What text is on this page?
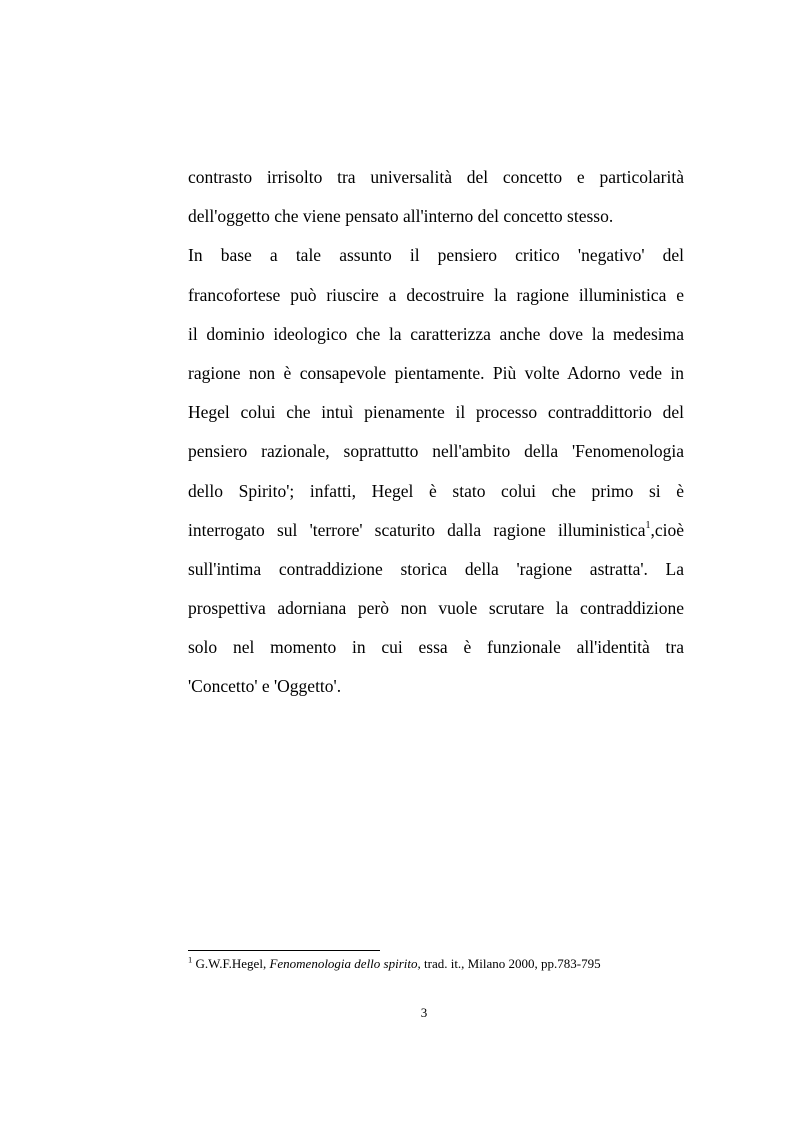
contrasto irrisolto tra universalità del concetto e particolarità
dell'oggetto che viene pensato all'interno del concetto stesso.
In base a tale assunto il pensiero critico 'negativo' del
francofortese può riuscire a decostruire la ragione illuministica e
il dominio ideologico che la caratterizza anche dove la medesima
ragione non è consapevole pientamente. Più volte Adorno vede in
Hegel colui che intuì pienamente il processo contraddittorio del
pensiero razionale, soprattutto nell'ambito della 'Fenomenologia
dello Spirito'; infatti, Hegel è stato colui che primo si è
interrogato sul 'terrore' scaturito dalla ragione illuministica$^1$,cioè
sull'intima contraddizione storica della 'ragione astratta'. La
prospettiva adorniana però non vuole scrutare la contraddizione
solo nel momento in cui essa è funzionale all'identità tra
'Concetto' e 'Oggetto'.
$^1$ G.W.F.Hegel, Fenomenologia dello spirito, trad. it., Milano 2000, pp.783-795
3
